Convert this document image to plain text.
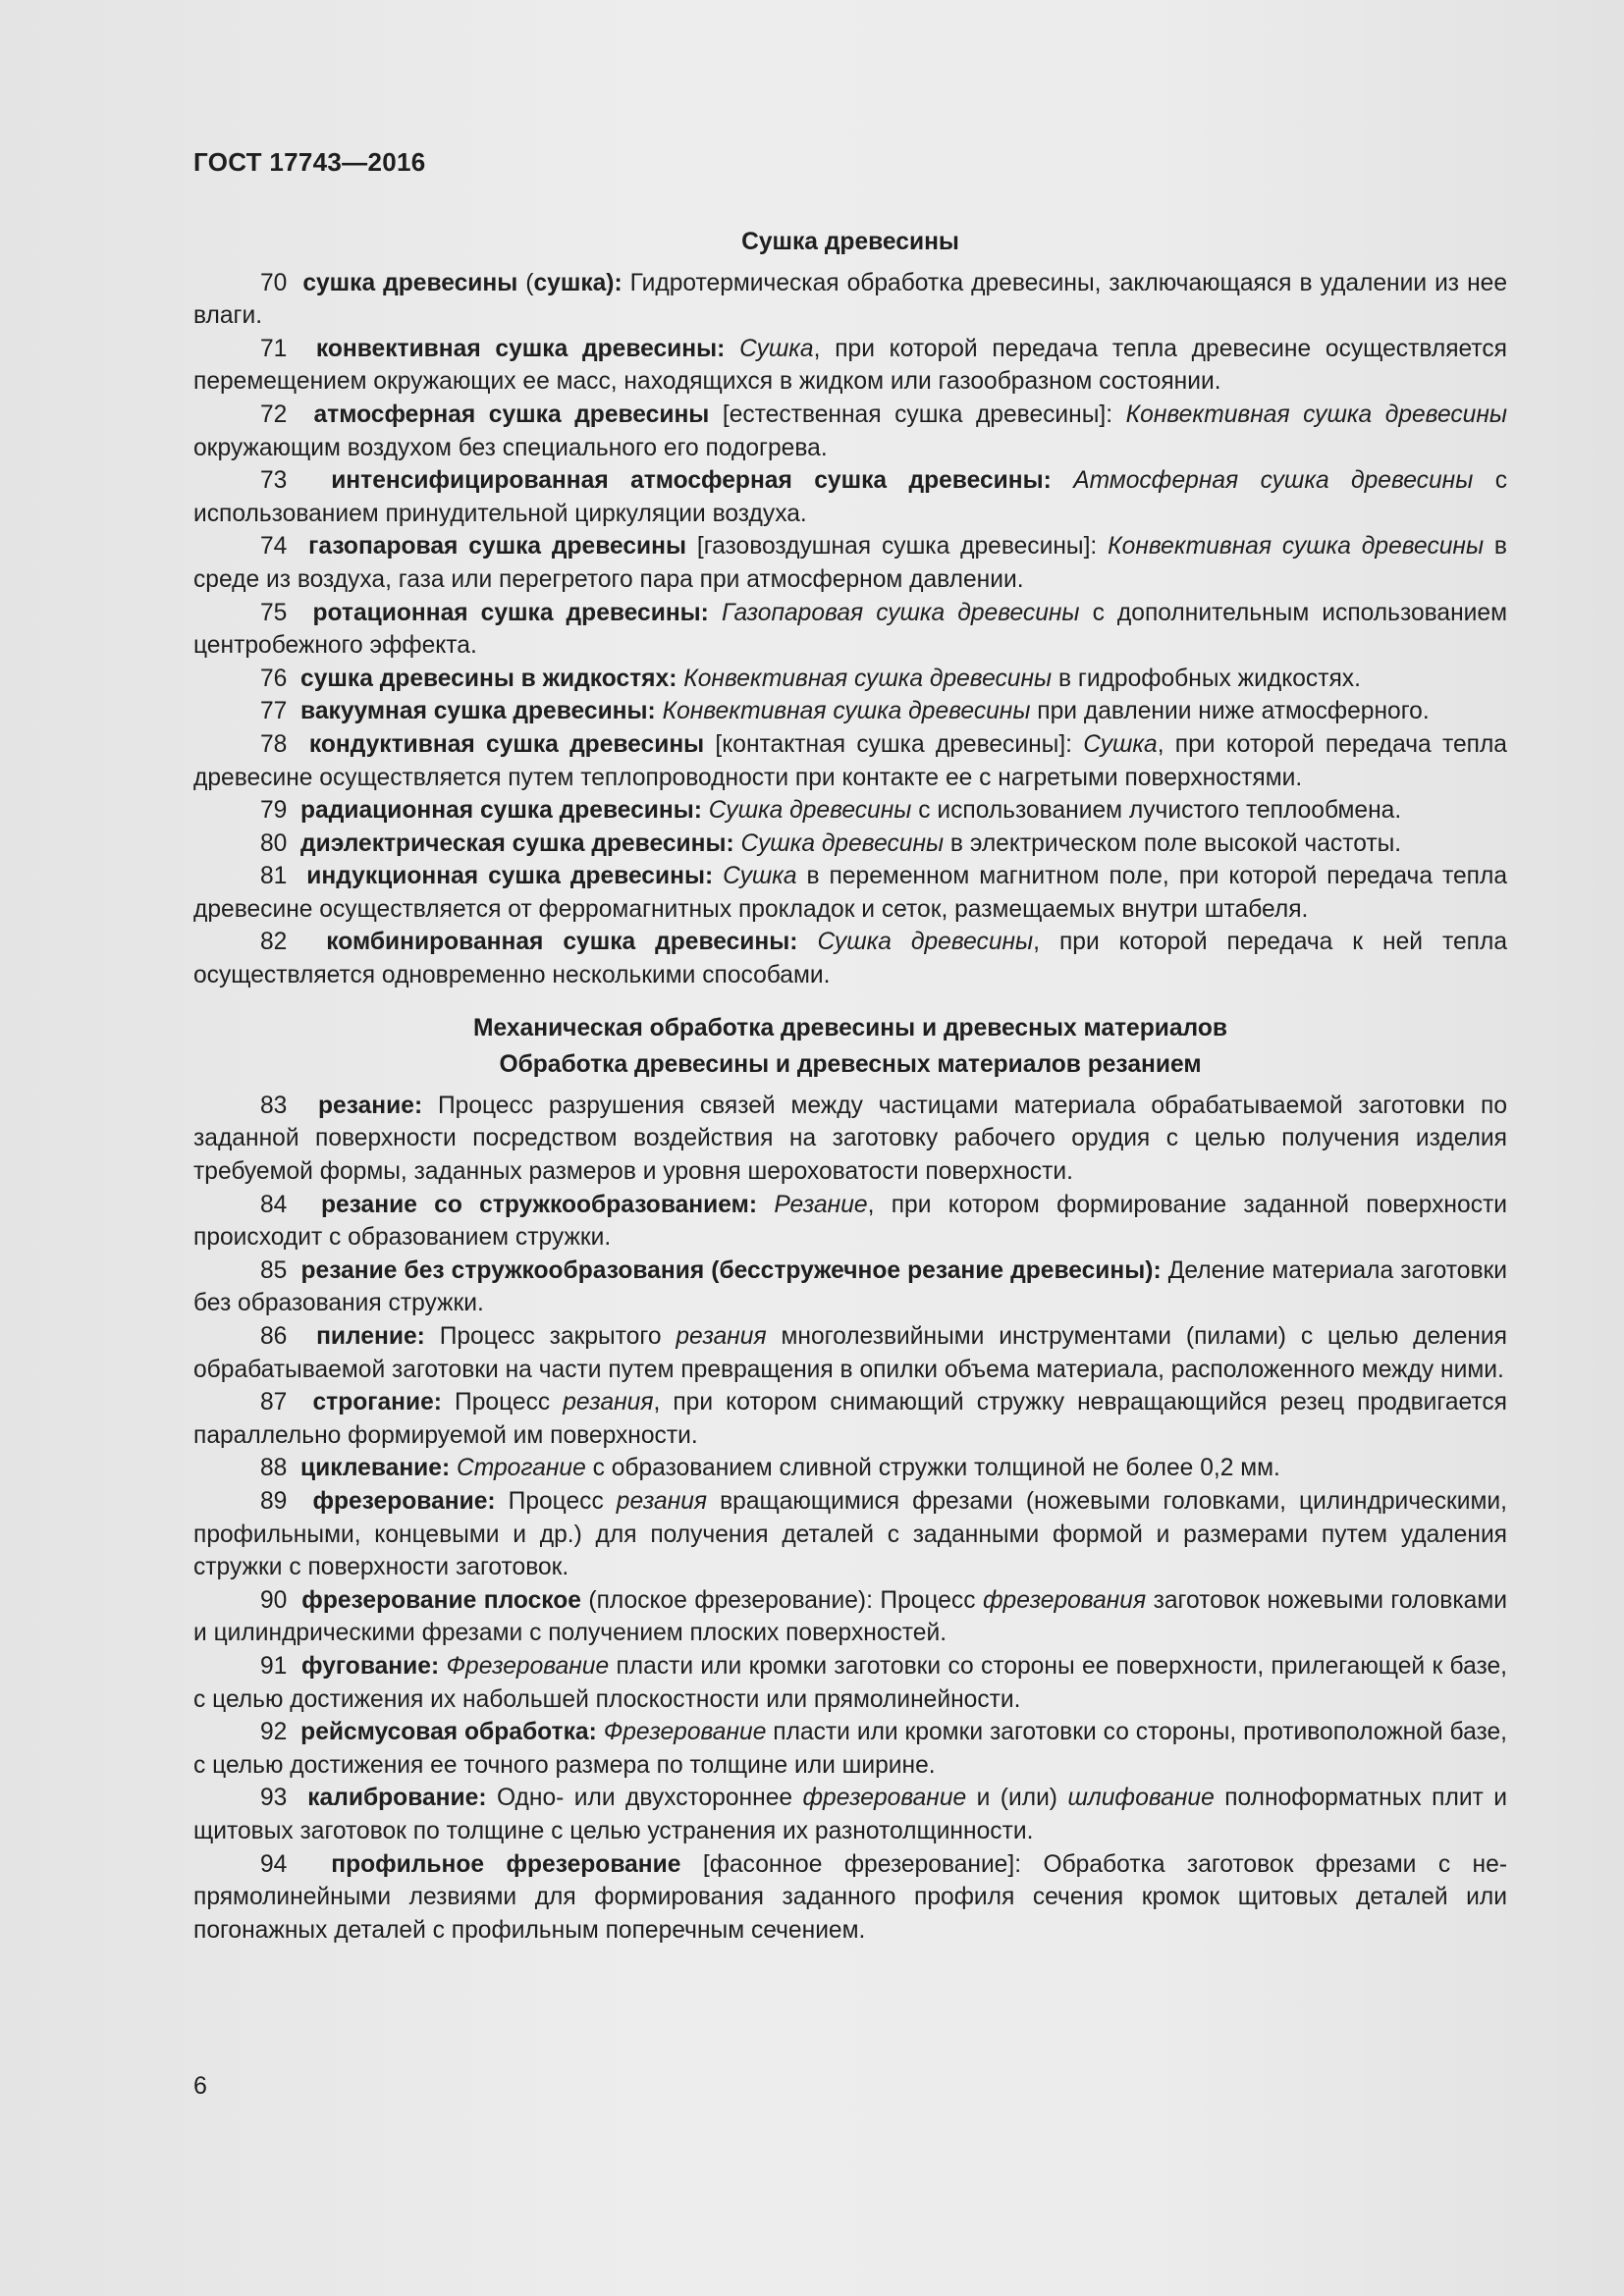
ГОСТ 17743—2016
Сушка древесины

70 сушка древесины (сушка): Гидротермическая обработка древесины, заключающаяся в удалении из нее влаги.

71 конвективная сушка древесины: Сушка, при которой передача тепла древесине осуществляется перемещением окружающих ее масс, находящихся в жидком или газообразном состоянии.

72 атмосферная сушка древесины [естественная сушка древесины]: Конвективная сушка древесины окружающим воздухом без специального его подогрева.

73 интенсифицированная атмосферная сушка древесины: Атмосферная сушка древесины с использованием принудительной циркуляции воздуха.

74 газопаровая сушка древесины [газовоздушная сушка древесины]: Конвективная сушка древесины в среде из воздуха, газа или перегретого пара при атмосферном давлении.

75 ротационная сушка древесины: Газопаровая сушка древесины с дополнительным использованием центробежного эффекта.

76 сушка древесины в жидкостях: Конвективная сушка древесины в гидрофобных жидкостях.

77 вакуумная сушка древесины: Конвективная сушка древесины при давлении ниже атмосферного.

78 кондуктивная сушка древесины [контактная сушка древесины]: Сушка, при которой передача тепла древесине осуществляется путем теплопроводности при контакте ее с нагретыми поверхностями.

79 радиационная сушка древесины: Сушка древесины с использованием лучистого теплообмена.

80 диэлектрическая сушка древесины: Сушка древесины в электрическом поле высокой частоты.

81 индукционная сушка древесины: Сушка в переменном магнитном поле, при которой передача тепла древесине осуществляется от ферромагнитных прокладок и сеток, размещаемых внутри штабеля.

82 комбинированная сушка древесины: Сушка древесины, при которой передача к ней тепла осуществляется одновременно несколькими способами.

Механическая обработка древесины и древесных материалов
Обработка древесины и древесных материалов резанием

83 резание: Процесс разрушения связей между частицами материала обрабатываемой заготовки по заданной поверхности посредством воздействия на заготовку рабочего орудия с целью получения изделия требуемой формы, заданных размеров и уровня шероховатости поверхности.

84 резание со стружкообразованием: Резание, при котором формирование заданной поверхности происходит с образованием стружки.

85 резание без стружкообразования (бесстружечное резание древесины): Деление материала заготовки без образования стружки.

86 пиление: Процесс закрытого резания многолезвийными инструментами (пилами) с целью деления обрабатываемой заготовки на части путем превращения в опилки объема материала, расположенного между ними.

87 строгание: Процесс резания, при котором снимающий стружку невращающийся резец продвигается параллельно формируемой им поверхности.

88 циклевание: Строгание с образованием сливной стружки толщиной не более 0,2 мм.

89 фрезерование: Процесс резания вращающимися фрезами (ножевыми головками, цилиндрическими, профильными, концевыми и др.) для получения деталей с заданными формой и размерами путем удаления стружки с поверхности заготовок.

90 фрезерование плоское (плоское фрезерование): Процесс фрезерования заготовок ножевыми головками и цилиндрическими фрезами с получением плоских поверхностей.

91 фугование: Фрезерование пласти или кромки заготовки со стороны ее поверхности, прилегающей к базе, с целью достижения их набольшей плоскостности или прямолинейности.

92 рейсмусовая обработка: Фрезерование пласти или кромки заготовки со стороны, противоположной базе, с целью достижения ее точного размера по толщине или ширине.

93 калибрование: Одно- или двухстороннее фрезерование и (или) шлифование полноформатных плит и щитовых заготовок по толщине с целью устранения их разнотолщинности.

94 профильное фрезерование [фасонное фрезерование]: Обработка заготовок фрезами с непрямолинейными лезвиями для формирования заданного профиля сечения кромок щитовых деталей или погонажных деталей с профильным поперечным сечением.

6
